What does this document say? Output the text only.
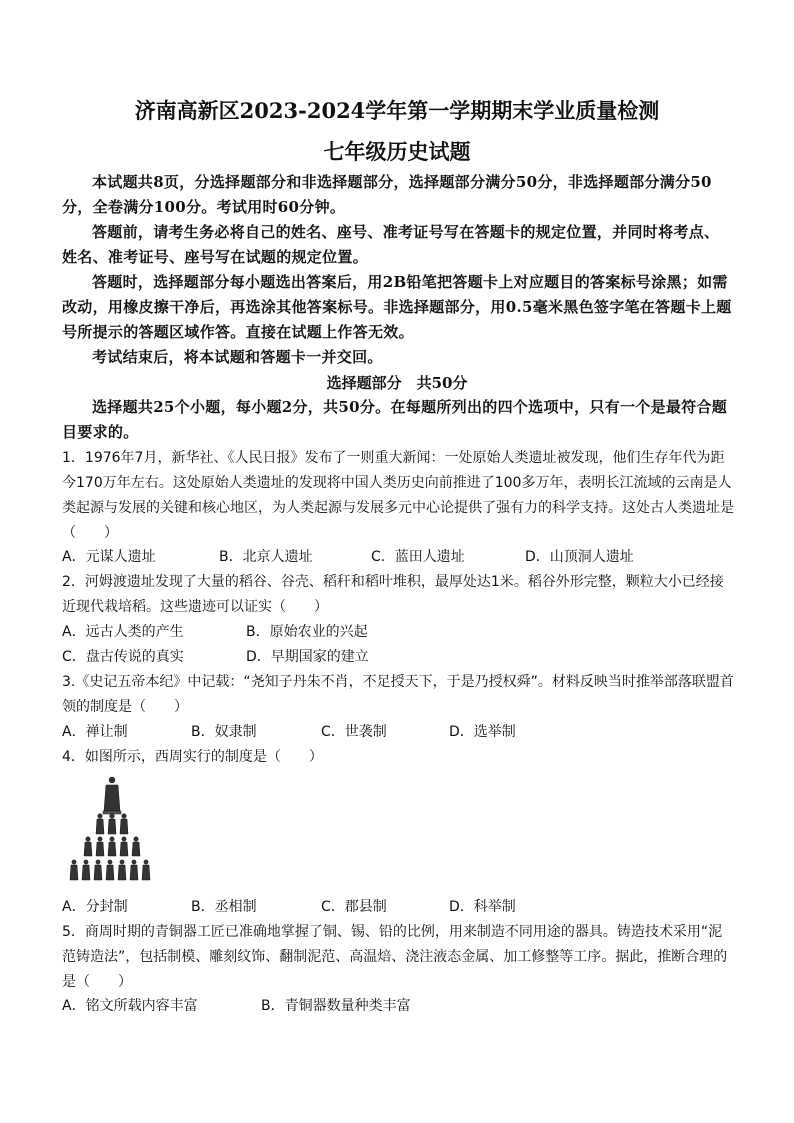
济南高新区2023-2024学年第一学期期末学业质量检测
七年级历史试题
本试题共8页，分选择题部分和非选择题部分，选择题部分满分50分，非选择题部分满分50分，全卷满分100分。考试用时60分钟。
答题前，请考生务必将自己的姓名、座号、准考证号写在答题卡的规定位置，并同时将考点、姓名、准考证号、座号写在试题的规定位置。
答题时，选择题部分每小题选出答案后，用2B铅笔把答题卡上对应题目的答案标号涂黑；如需改动，用橡皮擦干净后，再选涂其他答案标号。非选择题部分，用0.5毫米黑色签字笔在答题卡上题号所提示的答题区域作答。直接在试题上作答无效。
考试结束后，将本试题和答题卡一并交回。
选择题部分　共50分
选择题共25个小题，每小题2分，共50分。在每题所列出的四个选项中，只有一个是最符合题目要求的。
1．1976年7月，新华社、《人民日报》发布了一则重大新闻：一处原始人类遗址被发现，他们生存年代为距今170万年左右。这处原始人类遗址的发现将中国人类历史向前推进了100多万年，表明长江流域的云南是人类起源与发展的关键和核心地区，为人类起源与发展多元中心论提供了强有力的科学支持。这处古人类遗址是（　　）
A．元谋人遗址	B．北京人遗址	C．蓝田人遗址	D．山顶洞人遗址
2．河姆渡遗址发现了大量的稻谷、谷壳、稻秆和稻叶堆积，最厚处达1米。稻谷外形完整，颗粒大小已经接近现代栽培稻。这些遗迹可以证实（　　）
A．远古人类的产生	B．原始农业的兴起
C．盘古传说的真实	D．早期国家的建立
3.《史记五帝本纪》中记载：“尧知子丹朱不肖，不足授天下，于是乃授权舜”。材料反映当时推举部落联盟首领的制度是（　　）
A．禅让制	B．奴隶制	C．世袭制	D．选举制
4．如图所示，西周实行的制度是（　　）
A．分封制	B．丞相制	C．郡县制	D．科举制
5．商周时期的青铜器工匠已准确地掌握了铜、锡、铅的比例，用来制造不同用途的器具。铸造技术采用“泥范铸造法”，包括制模、雕刻纹饰、翻制泥范、高温焙、浇注液态金属、加工修整等工序。据此，推断合理的是（　　）
A．铭文所载内容丰富	B．青铜器数量种类丰富
